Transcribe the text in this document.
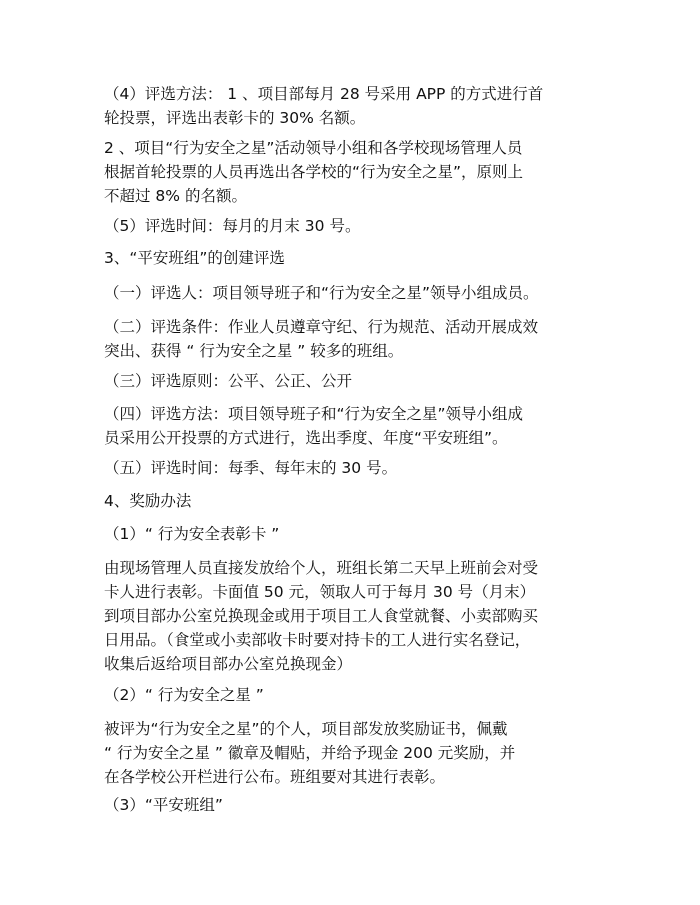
（4）评选方法： 1 、项目部每月 28 号采用 APP 的方式进行首
轮投票，评选出表彰卡的 30% 名额。
2 、项目“行为安全之星”活动领导小组和各学校现场管理人员
根据首轮投票的人员再选出各学校的“行为安全之星”，原则上
不超过 8% 的名额。
（5）评选时间：每月的月末 30 号。
3、“平安班组”的创建评选
（一）评选人：项目领导班子和“行为安全之星”领导小组成员。
（二）评选条件：作业人员遵章守纪、行为规范、活动开展成效
突出、获得 “ 行为安全之星 ” 较多的班组。
（三）评选原则：公平、公正、公开
（四）评选方法：项目领导班子和“行为安全之星”领导小组成
员采用公开投票的方式进行，选出季度、年度“平安班组”。
（五）评选时间：每季、每年末的 30 号。
4、奖励办法
（1）“ 行为安全表彰卡 ”
由现场管理人员直接发放给个人，班组长第二天早上班前会对受
卡人进行表彰。卡面值 50 元，领取人可于每月 30 号（月末）
到项目部办公室兑换现金或用于项目工人食堂就餐、小卖部购买
日用品。（食堂或小卖部收卡时要对持卡的工人进行实名登记，
收集后返给项目部办公室兑换现金）
（2）“ 行为安全之星 ”
被评为“行为安全之星”的个人，项目部发放奖励证书，佩戴
“ 行为安全之星 ” 徽章及帽贴，并给予现金 200 元奖励，并
在各学校公开栏进行公布。班组要对其进行表彰。
（3）“平安班组”
